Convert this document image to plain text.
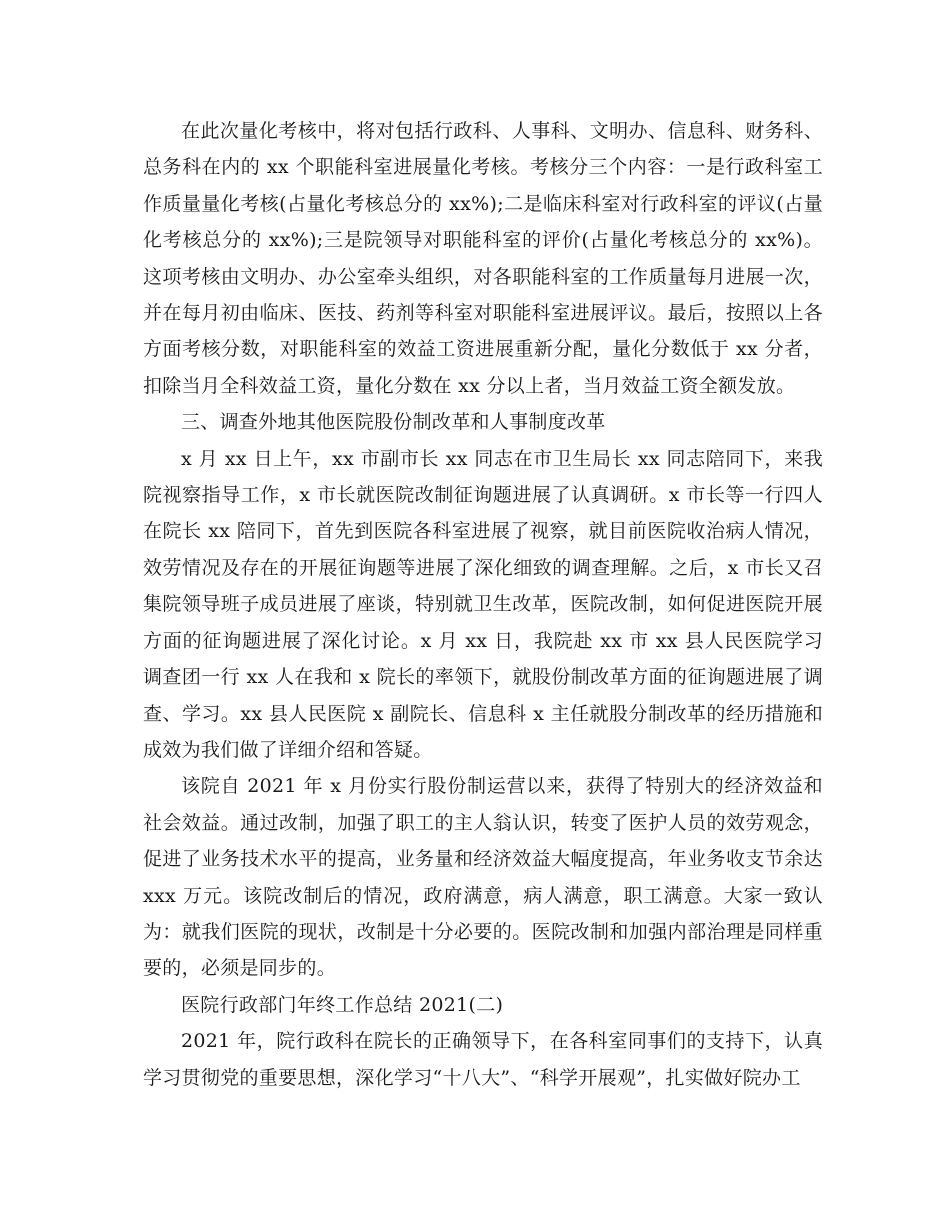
在此次量化考核中，将对包括行政科、人事科、文明办、信息科、财务科、总务科在内的 xx 个职能科室进展量化考核。考核分三个内容：一是行政科室工作质量量化考核(占量化考核总分的 xx%);二是临床科室对行政科室的评议(占量化考核总分的 xx%);三是院领导对职能科室的评价(占量化考核总分的 xx%)。这项考核由文明办、办公室牵头组织，对各职能科室的工作质量每月进展一次，并在每月初由临床、医技、药剂等科室对职能科室进展评议。最后，按照以上各方面考核分数，对职能科室的效益工资进展重新分配，量化分数低于 xx 分者，扣除当月全科效益工资，量化分数在 xx 分以上者，当月效益工资全额发放。

三、调查外地其他医院股份制改革和人事制度改革

x 月 xx 日上午，xx 市副市长 xx 同志在市卫生局长 xx 同志陪同下，来我院视察指导工作，x 市长就医院改制征询题进展了认真调研。x 市长等一行四人在院长 xx 陪同下，首先到医院各科室进展了视察，就目前医院收治病人情况，效劳情况及存在的开展征询题等进展了深化细致的调查理解。之后，x 市长又召集院领导班子成员进展了座谈，特别就卫生改革，医院改制，如何促进医院开展方面的征询题进展了深化讨论。x 月 xx 日，我院赴 xx 市 xx 县人民医院学习调查团一行 xx 人在我和 x 院长的率领下，就股份制改革方面的征询题进展了调查、学习。xx 县人民医院 x 副院长、信息科 x 主任就股分制改革的经历措施和成效为我们做了详细介绍和答疑。

该院自 2021 年 x 月份实行股份制运营以来，获得了特别大的经济效益和社会效益。通过改制，加强了职工的主人翁认识，转变了医护人员的效劳观念，促进了业务技术水平的提高，业务量和经济效益大幅度提高，年业务收支节余达 xxx 万元。该院改制后的情况，政府满意，病人满意，职工满意。大家一致认为：就我们医院的现状，改制是十分必要的。医院改制和加强内部治理是同样重要的，必须是同步的。

医院行政部门年终工作总结 2021(二)

2021 年，院行政科在院长的正确领导下，在各科室同事们的支持下，认真学习贯彻党的重要思想，深化学习“十八大”、“科学开展观”，扎实做好院办工
